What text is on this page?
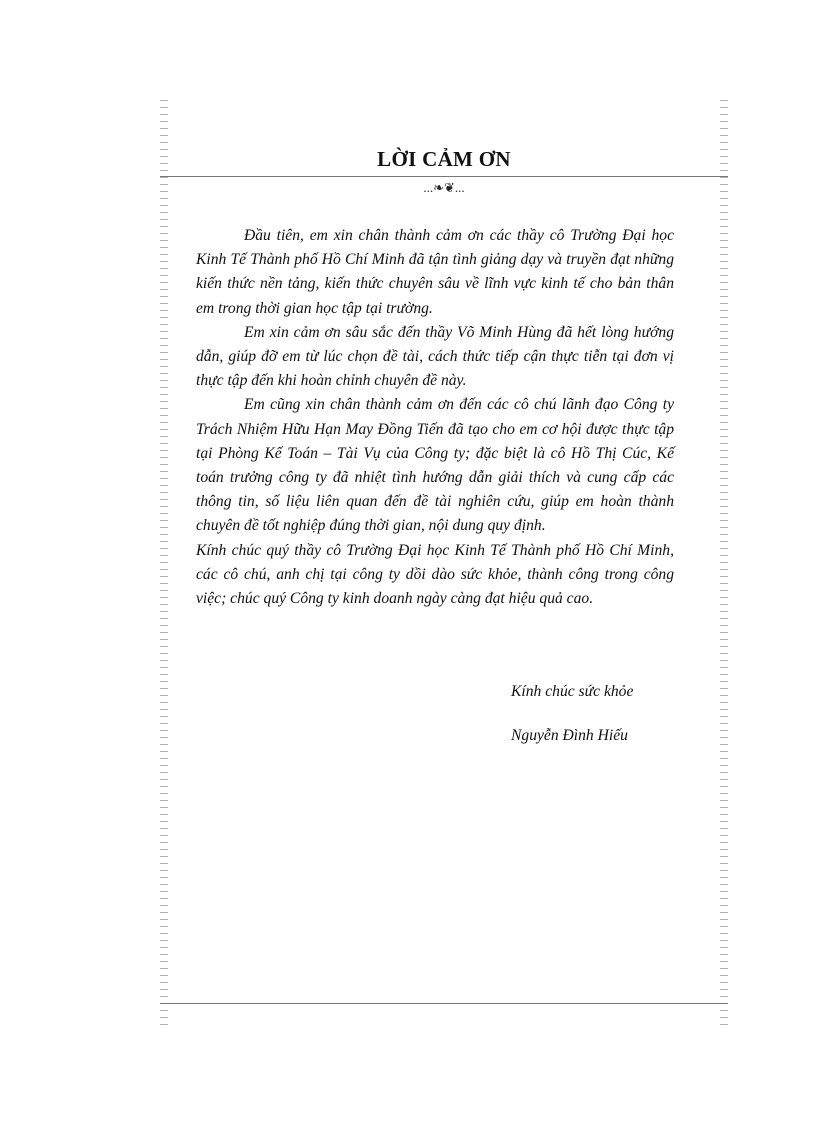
LỜI CẢM ƠN
...❧❦...

Đầu tiên, em xin chân thành cảm ơn các thầy cô Trường Đại học Kinh Tế Thành phố Hồ Chí Minh đã tận tình giảng dạy và truyền đạt những kiến thức nền tảng, kiến thức chuyên sâu về lĩnh vực kinh tế cho bản thân em trong thời gian học tập tại trường.

Em xin cảm ơn sâu sắc đến thầy Võ Minh Hùng đã hết lòng hướng dẫn, giúp đỡ em từ lúc chọn đề tài, cách thức tiếp cận thực tiễn tại đơn vị thực tập đến khi hoàn chỉnh chuyên đề này.

Em cũng xin chân thành cảm ơn đến các cô chú lãnh đạo Công ty Trách Nhiệm Hữu Hạn May Đồng Tiến đã tạo cho em cơ hội được thực tập tại Phòng Kế Toán – Tài Vụ của Công ty; đặc biệt là cô Hồ Thị Cúc, Kế toán trưởng công ty đã nhiệt tình hướng dẫn giải thích và cung cấp các thông tin, số liệu liên quan đến đề tài nghiên cứu, giúp em hoàn thành chuyên đề tốt nghiệp đúng thời gian, nội dung quy định.

Kính chúc quý thầy cô Trường Đại học Kinh Tế Thành phố Hồ Chí Minh, các cô chú, anh chị tại công ty dồi dào sức khỏe, thành công trong công việc; chúc quý Công ty kinh doanh ngày càng đạt hiệu quả cao.

Kính chúc sức khỏe
Nguyễn Đình Hiếu
